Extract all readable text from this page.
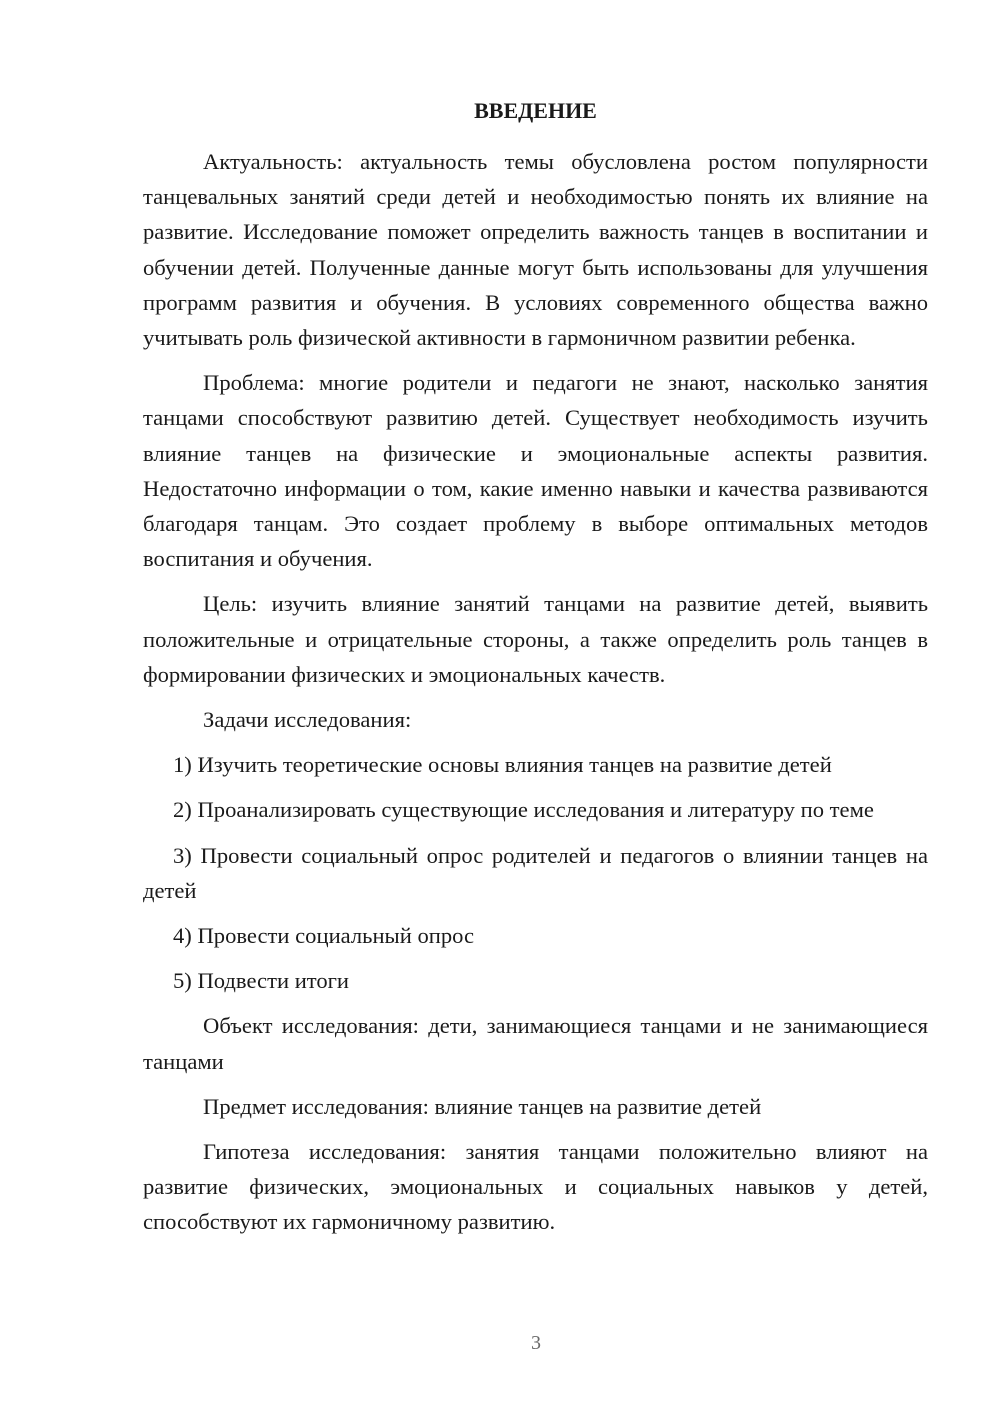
ВВЕДЕНИЕ

Актуальность: актуальность темы обусловлена ростом популярности танцевальных занятий среди детей и необходимостью понять их влияние на развитие. Исследование поможет определить важность танцев в воспитании и обучении детей. Полученные данные могут быть использованы для улучшения программ развития и обучения. В условиях современного общества важно учитывать роль физической активности в гармоничном развитии ребенка.

Проблема: многие родители и педагоги не знают, насколько занятия танцами способствуют развитию детей. Существует необходимость изучить влияние танцев на физические и эмоциональные аспекты развития. Недостаточно информации о том, какие именно навыки и качества развиваются благодаря танцам. Это создает проблему в выборе оптимальных методов воспитания и обучения.

Цель: изучить влияние занятий танцами на развитие детей, выявить положительные и отрицательные стороны, а также определить роль танцев в формировании физических и эмоциональных качеств.

Задачи исследования:

1) Изучить теоретические основы влияния танцев на развитие детей

2) Проанализировать существующие исследования и литературу по теме

3) Провести социальный опрос родителей и педагогов о влиянии танцев на детей

4) Провести социальный опрос

5) Подвести итоги

Объект исследования: дети, занимающиеся танцами и не занимающиеся танцами

Предмет исследования: влияние танцев на развитие детей

Гипотеза исследования: занятия танцами положительно влияют на развитие физических, эмоциональных и социальных навыков у детей, способствуют их гармоничному развитию.

3
